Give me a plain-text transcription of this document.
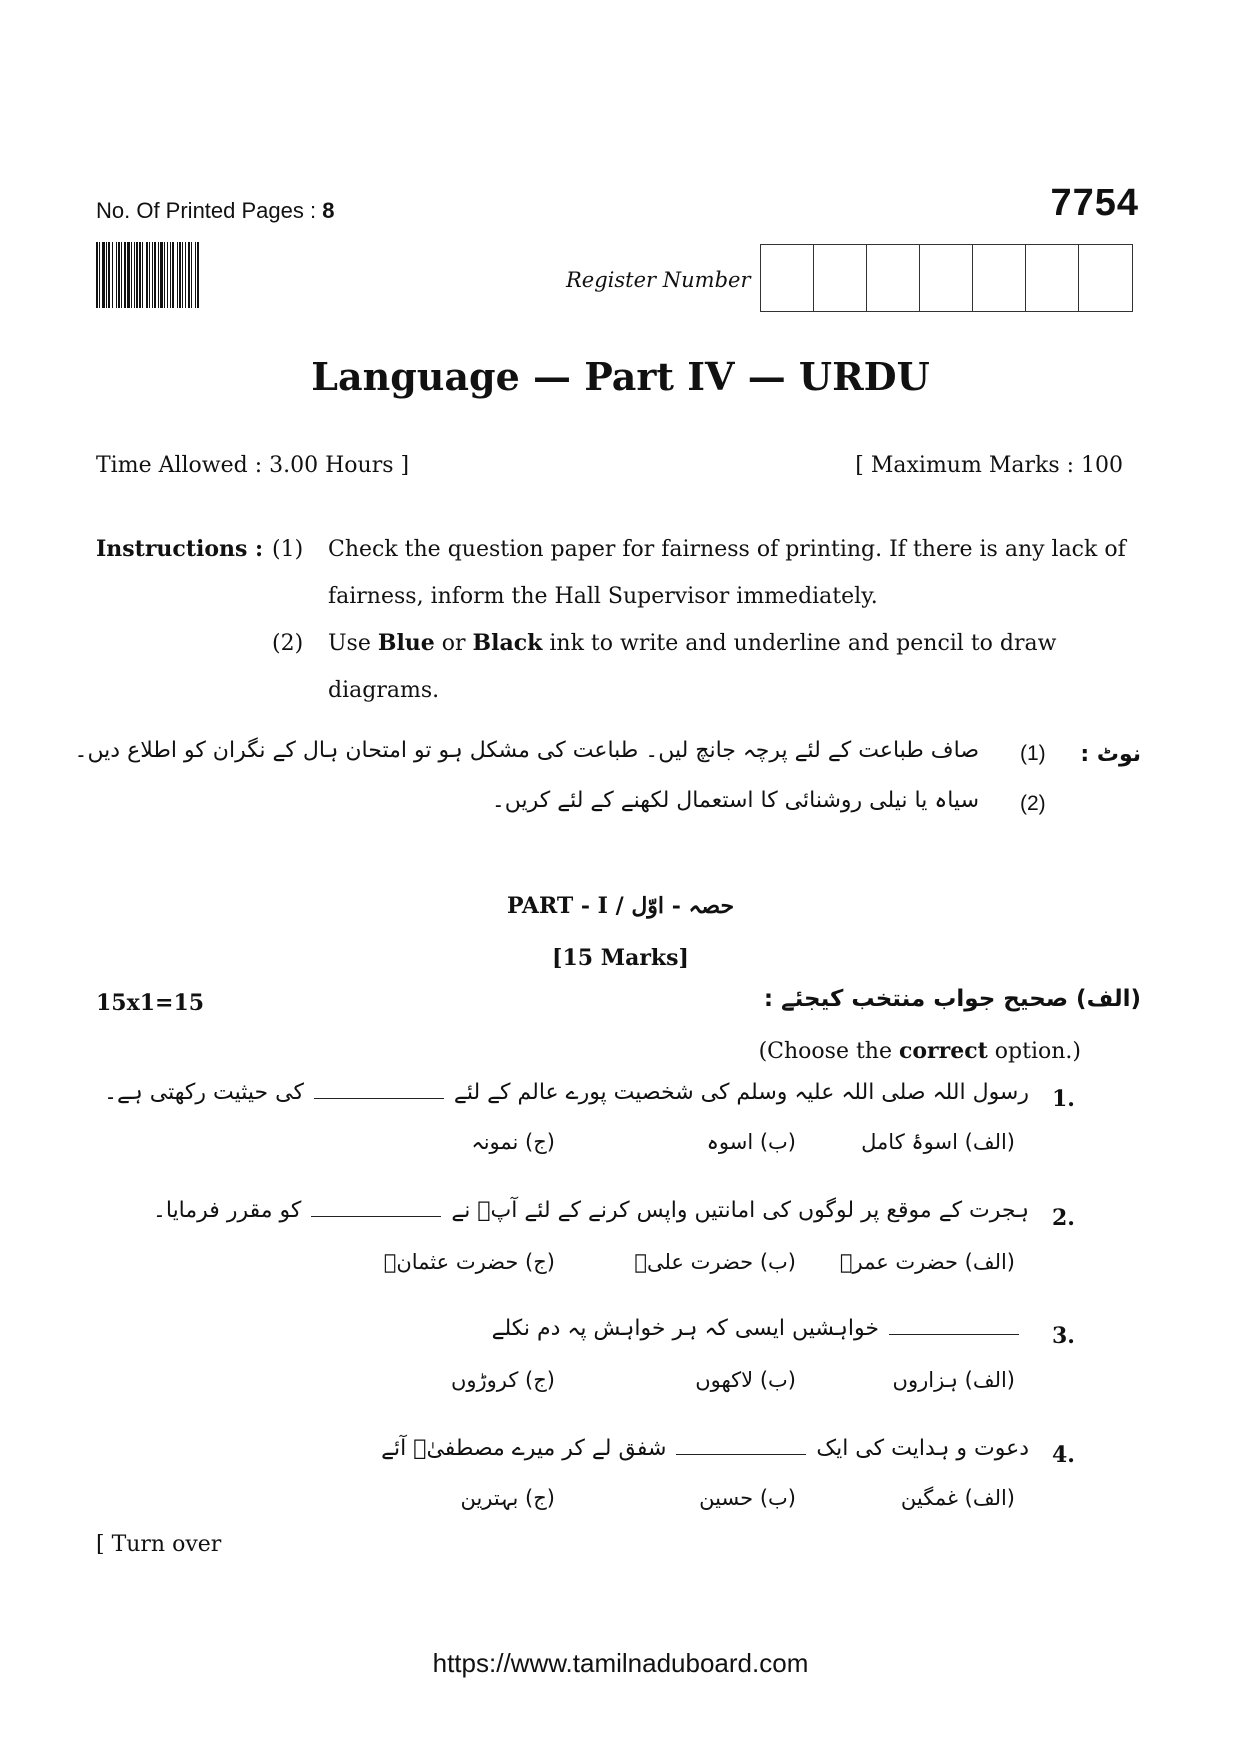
No. Of Printed Pages : 8	7754
Register Number
Language — Part IV — URDU
Time Allowed : 3.00 Hours ]	[ Maximum Marks : 100
Instructions : (1) Check the question paper for fairness of printing. If there is any lack of fairness, inform the Hall Supervisor immediately.
(2) Use Blue or Black ink to write and underline and pencil to draw diagrams.
نوٹ :
(1)
صاف طباعت کے لئے پرچہ جانچ لیں۔ طباعت کی مشکل ہو تو امتحان ہال کے نگران کو اطلاع دیں۔
(2)
سیاہ یا نیلی روشنائی کا استعمال لکھنے کے لئے کریں۔
PART - I / حصہ - اوّل
[15 Marks]
15x1=15	(الف) صحیح جواب منتخب کیجئے :
(Choose the correct option.)
1.
رسول اللہ صلی اللہ علیہ وسلم کی شخصیت پورے عالم کے لئےکی حیثیت رکھتی ہے۔
(الف) اسوۂ کامل
(ب) اسوہ
(ج) نمونہ
2.
ہجرت کے موقع پر لوگوں کی امانتیں واپس کرنے کے لئے آپؐ نےکو مقرر فرمایا۔
(الف) حضرت عمرؓ
(ب) حضرت علیؓ
(ج) حضرت عثمانؓ
3.
خواہشیں ایسی کہ ہر خواہش پہ دم نکلے
(الف) ہزاروں
(ب) لاکھوں
(ج) کروڑوں
4.
دعوت و ہدایت کی ایکشفق لے کر میرے مصطفیٰؐ آئے
(الف) غمگین
(ب) حسین
(ج) بہترین
[ Turn over
https://www.tamilnaduboard.com
